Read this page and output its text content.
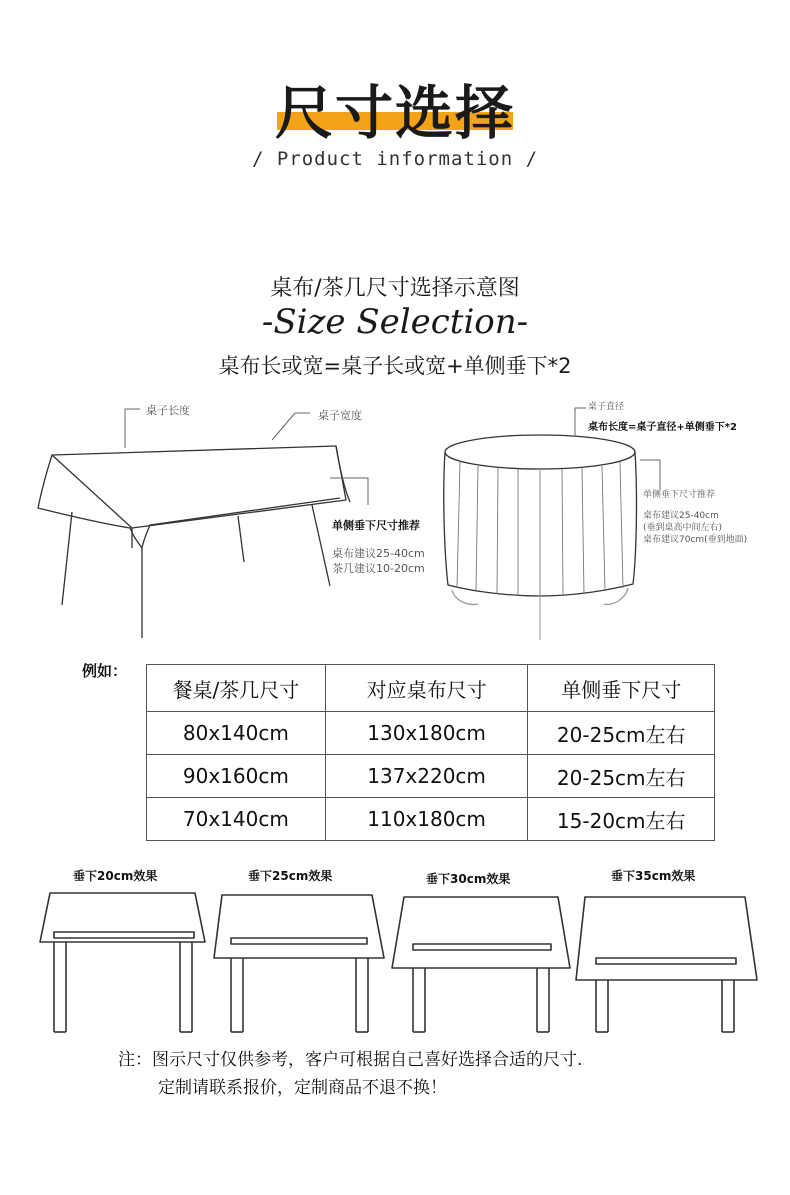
尺寸选择
/ Product information /
桌布/茶几尺寸选择示意图
-Size Selection-
桌布长或宽=桌子长或宽+单侧垂下*2
桌子长度	桌子宽度
单侧垂下尺寸推荐
桌布建议25-40cm
茶几建议10-20cm
桌子直径
桌布长度=桌子直径+单侧垂下*2
单侧垂下尺寸推荐
桌布建议25-40cm
(垂到桌高中间左右)
桌布建议70cm(垂到地面)
例如：
餐桌/茶几尺寸	对应桌布尺寸	单侧垂下尺寸
80x140cm	130x180cm	20-25cm左右
90x160cm	137x220cm	20-25cm左右
70x140cm	110x180cm	15-20cm左右
垂下20cm效果	垂下25cm效果	垂下30cm效果	垂下35cm效果
注：图示尺寸仅供参考，客户可根据自己喜好选择合适的尺寸.
定制请联系报价，定制商品不退不换！
